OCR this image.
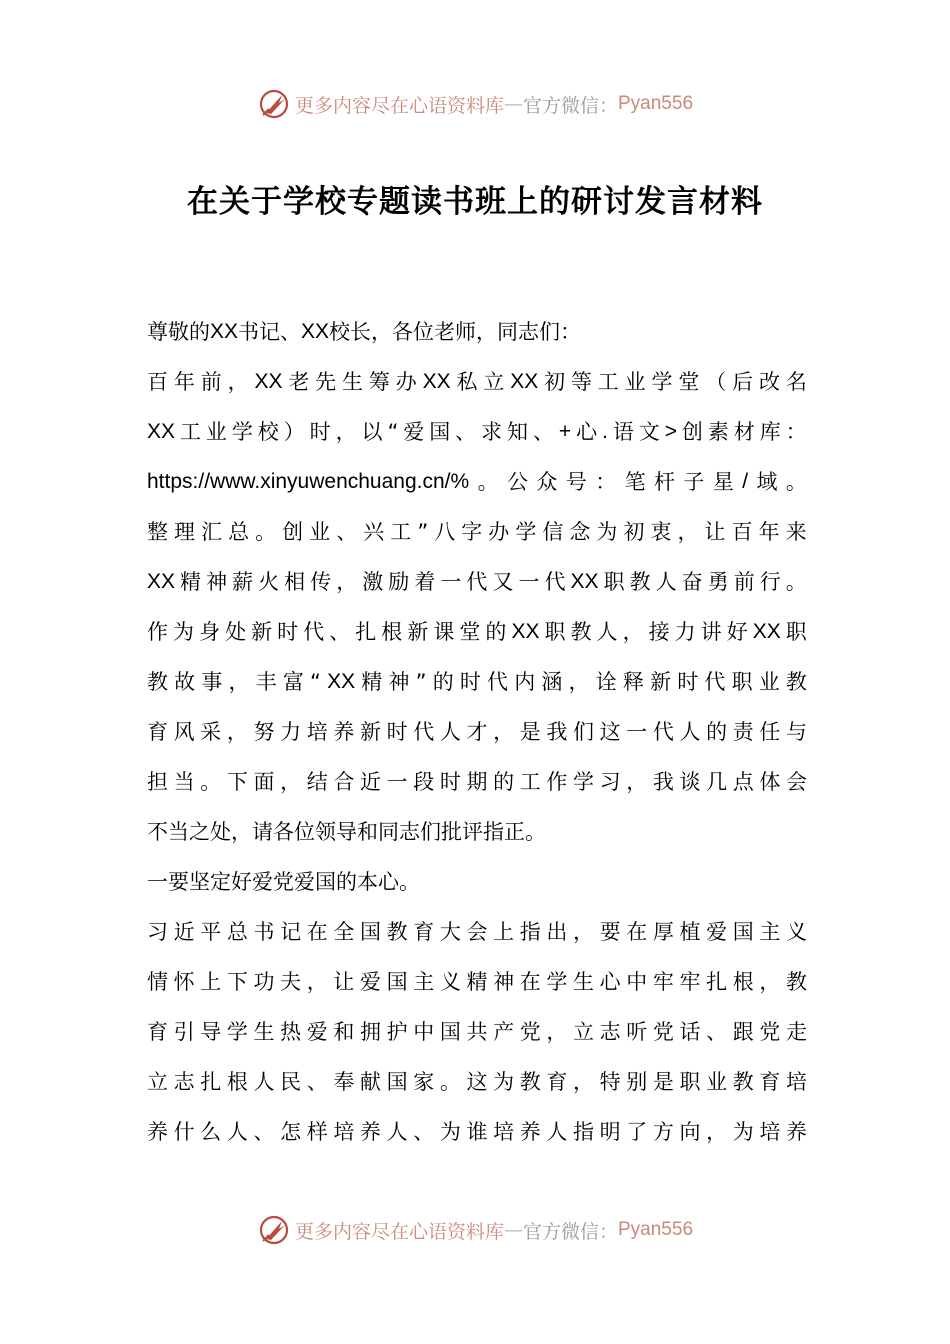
更多内容尽在心语资料库 — 官方微信： Pyan556
在关于学校专题读书班上的研讨发言材料
尊 敬 的 XX 书 记 、 XX 校 长 ， 各 位 老 师 ， 同 志 们 ：
百 年 前 ， XX 老 先 生 筹 办 XX 私 立 XX 初 等 工 业 学 堂 （ 后 改 名
XX 工 业 学 校 ） 时 ， 以 “ 爱 国 、 求 知 、 + 心 . 语 文 > 创 素 材 库 ：
https://www.xinyuwenchuang.cn/% 。 公 众 号 ： 笔 杆 子 星 / 域 。
整 理 汇 总 。 创 业 、 兴 工 ” 八 字 办 学 信 念 为 初 衷 ， 让 百 年 来
XX 精 神 薪 火 相 传 ， 激 励 着 一 代 又 一 代 XX 职 教 人 奋 勇 前 行 。
作 为 身 处 新 时 代 、 扎 根 新 课 堂 的 XX 职 教 人 ， 接 力 讲 好 XX 职
教 故 事 ， 丰 富 “ XX 精 神 ” 的 时 代 内 涵 ， 诠 释 新 时 代 职 业 教
育 风 采 ， 努 力 培 养 新 时 代 人 才 ， 是 我 们 这 一 代 人 的 责 任 与
担 当 。 下 面 ， 结 合 近 一 段 时 期 的 工 作 学 习 ， 我 谈 几 点 体 会
不 当 之 处 ， 请 各 位 领 导 和 同 志 们 批 评 指 正 。
一 要 坚 定 好 爱 党 爱 国 的 本 心 。
习 近 平 总 书 记 在 全 国 教 育 大 会 上 指 出 ， 要 在 厚 植 爱 国 主 义
情 怀 上 下 功 夫 ， 让 爱 国 主 义 精 神 在 学 生 心 中 牢 牢 扎 根 ， 教
育 引 导 学 生 热 爱 和 拥 护 中 国 共 产 党 ， 立 志 听 党 话 、 跟 党 走
立 志 扎 根 人 民 、 奉 献 国 家 。 这 为 教 育 ， 特 别 是 职 业 教 育 培
养 什 么 人 、 怎 样 培 养 人 、 为 谁 培 养 人 指 明 了 方 向 ， 为 培 养
更多内容尽在心语资料库 — 官方微信： Pyan556
